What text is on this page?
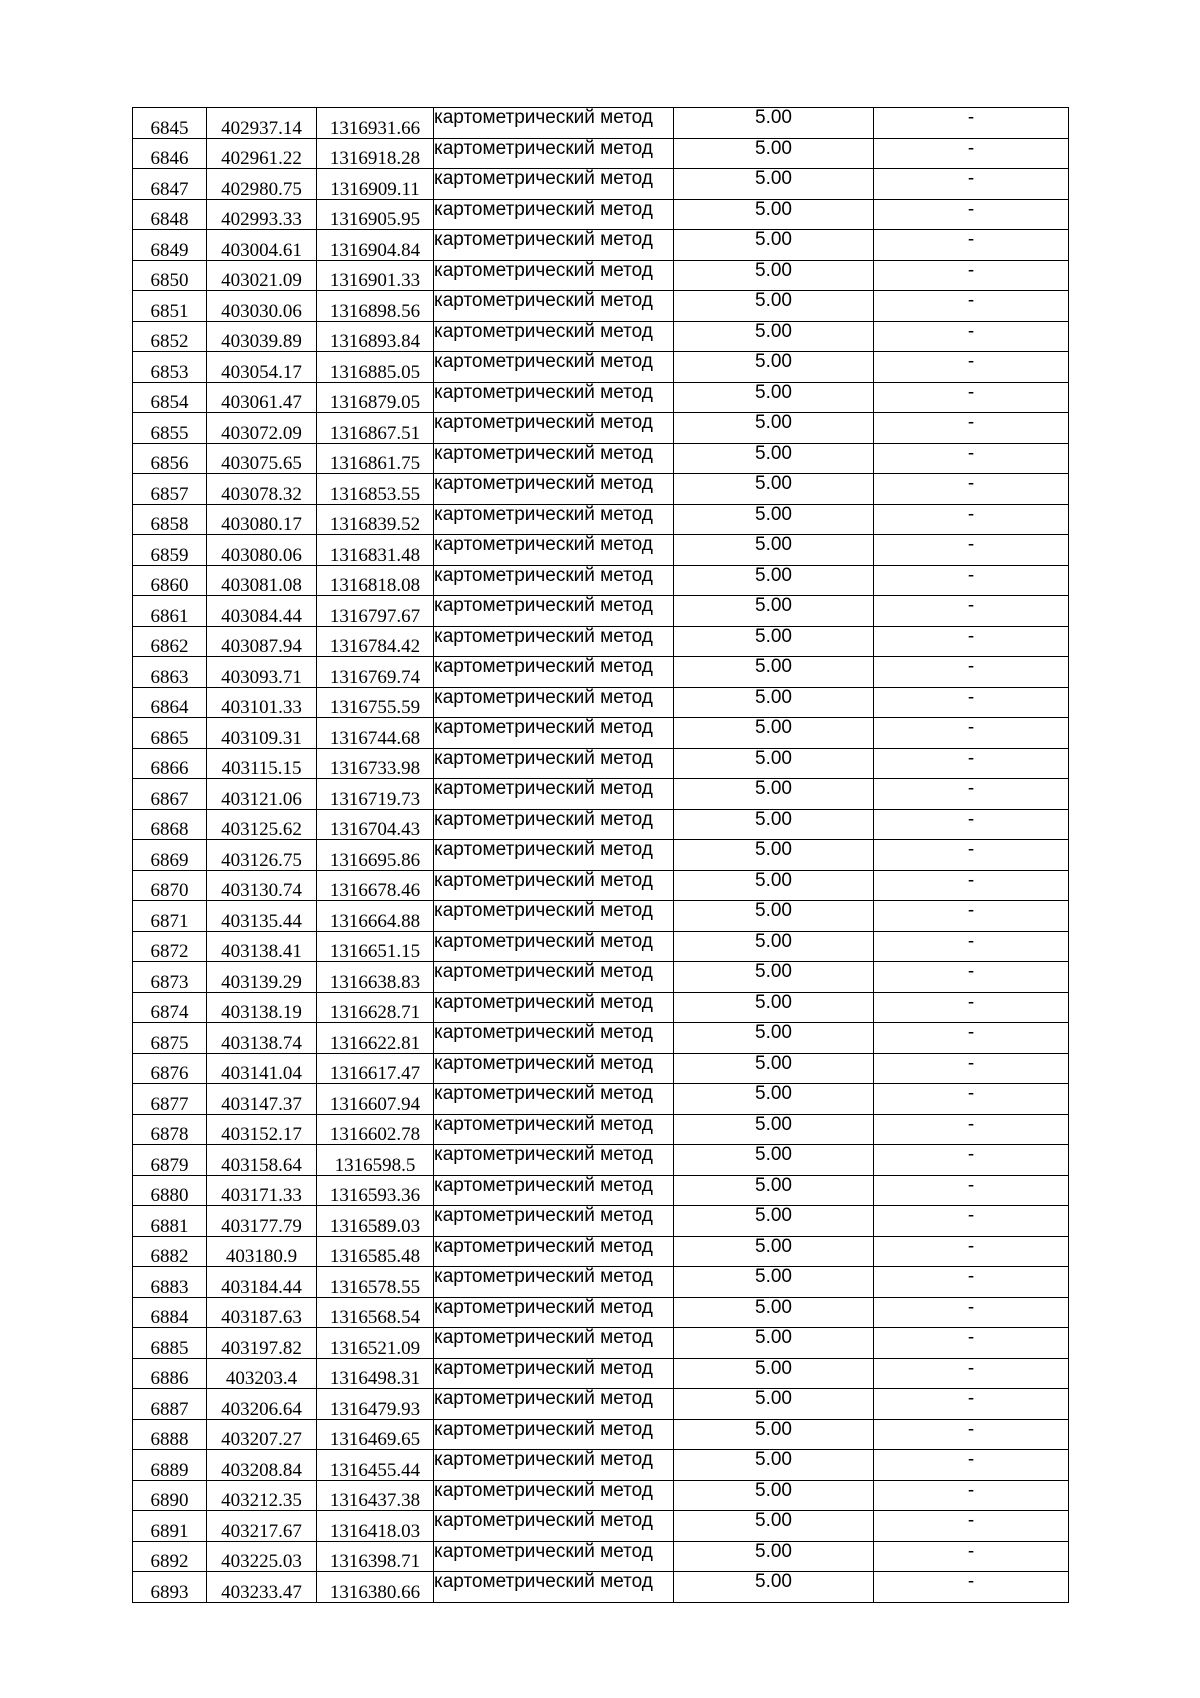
6845	402937.14	1316931.66	картометрический метод	5.00	-
6846	402961.22	1316918.28	картометрический метод	5.00	-
6847	402980.75	1316909.11	картометрический метод	5.00	-
6848	402993.33	1316905.95	картометрический метод	5.00	-
6849	403004.61	1316904.84	картометрический метод	5.00	-
6850	403021.09	1316901.33	картометрический метод	5.00	-
6851	403030.06	1316898.56	картометрический метод	5.00	-
6852	403039.89	1316893.84	картометрический метод	5.00	-
6853	403054.17	1316885.05	картометрический метод	5.00	-
6854	403061.47	1316879.05	картометрический метод	5.00	-
6855	403072.09	1316867.51	картометрический метод	5.00	-
6856	403075.65	1316861.75	картометрический метод	5.00	-
6857	403078.32	1316853.55	картометрический метод	5.00	-
6858	403080.17	1316839.52	картометрический метод	5.00	-
6859	403080.06	1316831.48	картометрический метод	5.00	-
6860	403081.08	1316818.08	картометрический метод	5.00	-
6861	403084.44	1316797.67	картометрический метод	5.00	-
6862	403087.94	1316784.42	картометрический метод	5.00	-
6863	403093.71	1316769.74	картометрический метод	5.00	-
6864	403101.33	1316755.59	картометрический метод	5.00	-
6865	403109.31	1316744.68	картометрический метод	5.00	-
6866	403115.15	1316733.98	картометрический метод	5.00	-
6867	403121.06	1316719.73	картометрический метод	5.00	-
6868	403125.62	1316704.43	картометрический метод	5.00	-
6869	403126.75	1316695.86	картометрический метод	5.00	-
6870	403130.74	1316678.46	картометрический метод	5.00	-
6871	403135.44	1316664.88	картометрический метод	5.00	-
6872	403138.41	1316651.15	картометрический метод	5.00	-
6873	403139.29	1316638.83	картометрический метод	5.00	-
6874	403138.19	1316628.71	картометрический метод	5.00	-
6875	403138.74	1316622.81	картометрический метод	5.00	-
6876	403141.04	1316617.47	картометрический метод	5.00	-
6877	403147.37	1316607.94	картометрический метод	5.00	-
6878	403152.17	1316602.78	картометрический метод	5.00	-
6879	403158.64	1316598.5	картометрический метод	5.00	-
6880	403171.33	1316593.36	картометрический метод	5.00	-
6881	403177.79	1316589.03	картометрический метод	5.00	-
6882	403180.9	1316585.48	картометрический метод	5.00	-
6883	403184.44	1316578.55	картометрический метод	5.00	-
6884	403187.63	1316568.54	картометрический метод	5.00	-
6885	403197.82	1316521.09	картометрический метод	5.00	-
6886	403203.4	1316498.31	картометрический метод	5.00	-
6887	403206.64	1316479.93	картометрический метод	5.00	-
6888	403207.27	1316469.65	картометрический метод	5.00	-
6889	403208.84	1316455.44	картометрический метод	5.00	-
6890	403212.35	1316437.38	картометрический метод	5.00	-
6891	403217.67	1316418.03	картометрический метод	5.00	-
6892	403225.03	1316398.71	картометрический метод	5.00	-
6893	403233.47	1316380.66	картометрический метод	5.00	-
